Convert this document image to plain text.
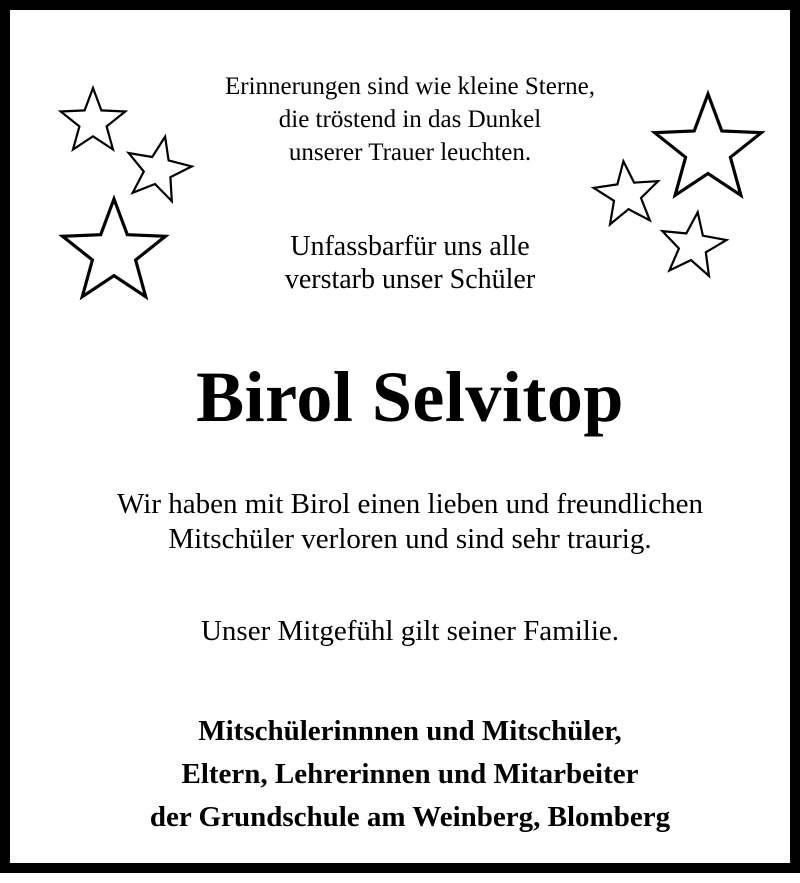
Erinnerungen sind wie kleine Sterne,
die tröstend in das Dunkel
unserer Trauer leuchten.
Unfassbarfür uns alle
verstarb unser Schüler
Birol Selvitop
Wir haben mit Birol einen lieben und freundlichen
Mitschüler verloren und sind sehr traurig.
Unser Mitgefühl gilt seiner Familie.
Mitschülerinnnen und Mitschüler,
Eltern, Lehrerinnen und Mitarbeiter
der Grundschule am Weinberg, Blomberg
